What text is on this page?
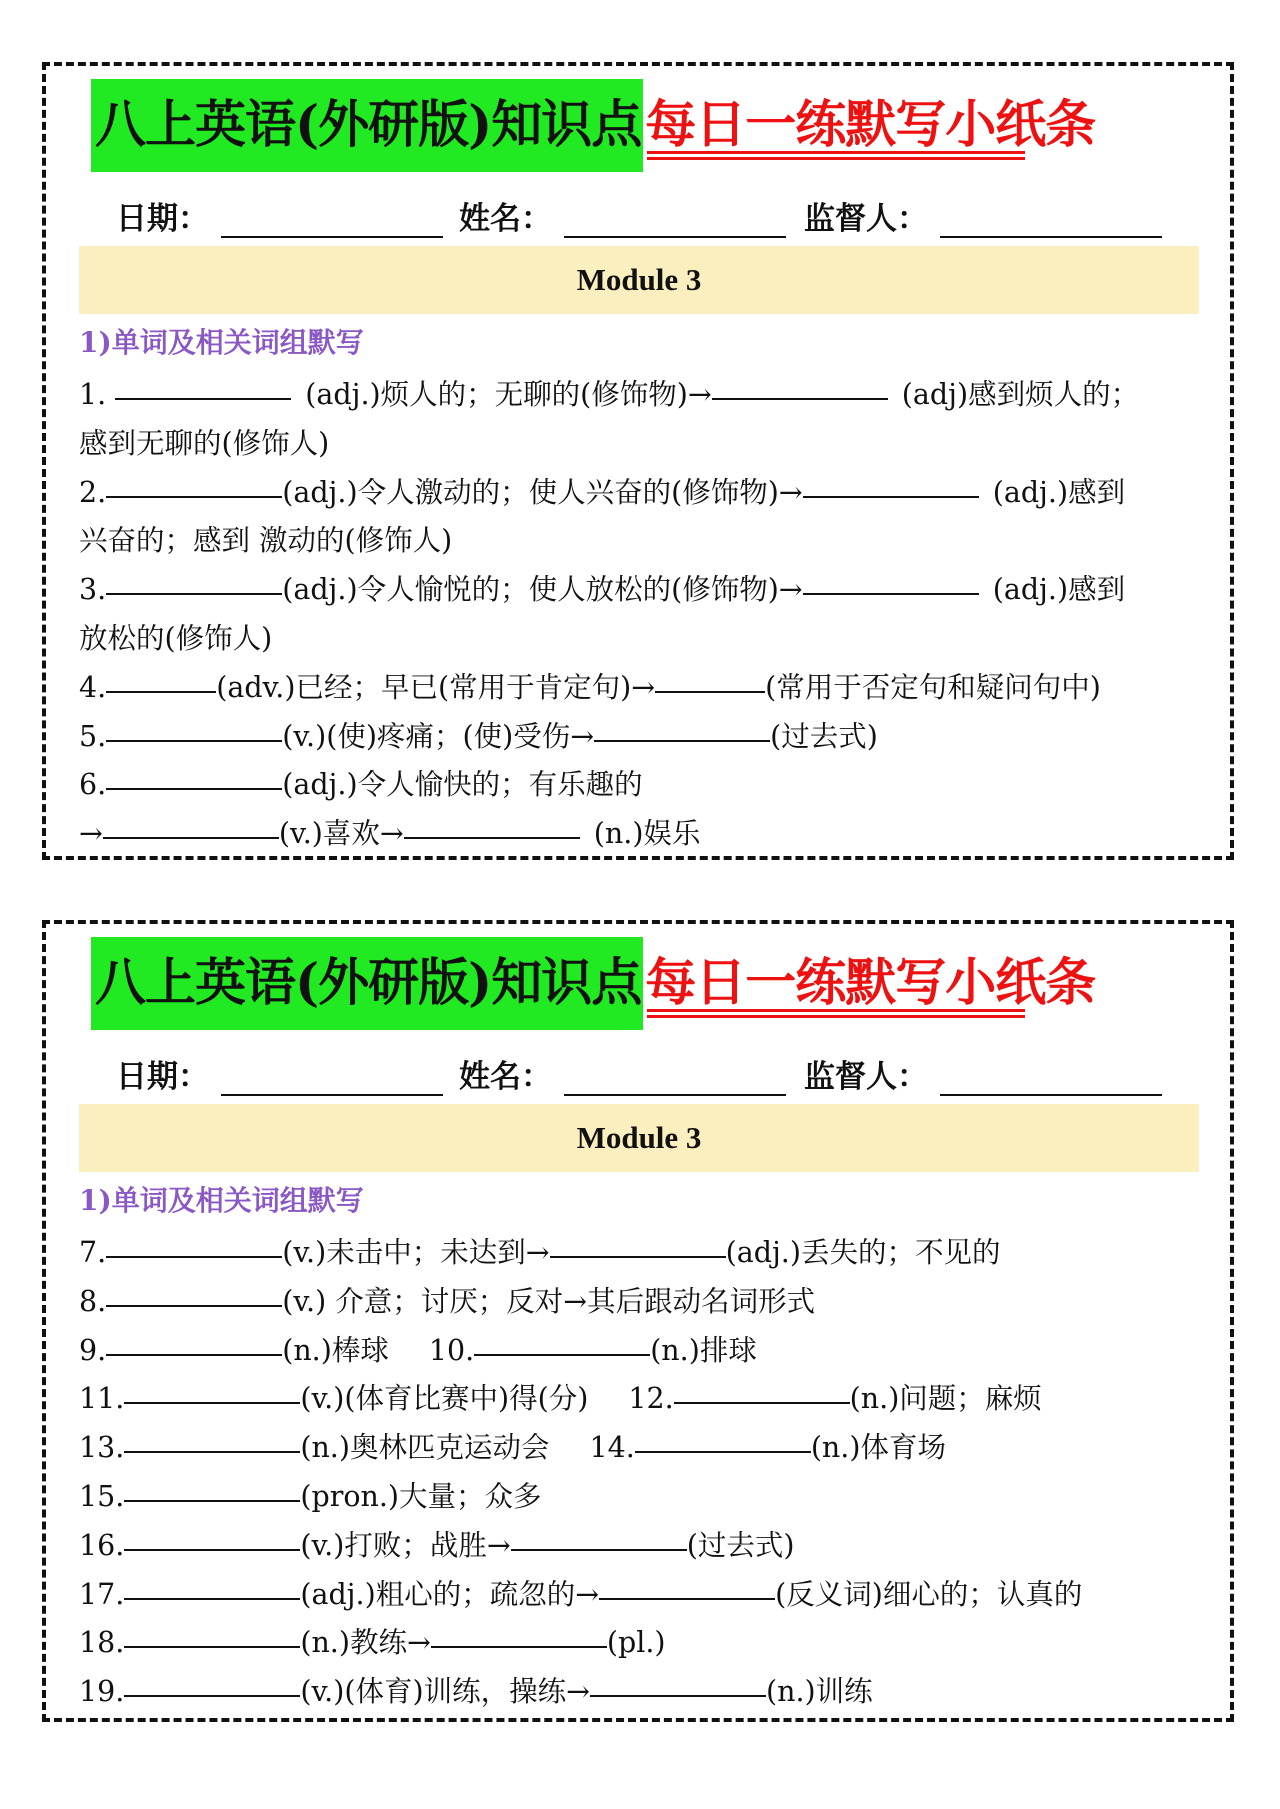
八上英语(外研版)知识点 每日一练默写小纸条
日期：	姓名：	监督人：
Module 3
1)单词及相关词组默写
1.	(adj.)烦人的；无聊的(修饰物)→	(adj)感到烦人的；
感到无聊的(修饰人)
2.	(adj.)令人激动的；使人兴奋的(修饰物)→	(adj.)感到
兴奋的；感到 激动的(修饰人)
3.	(adj.)令人愉悦的；使人放松的(修饰物)→	(adj.)感到
放松的(修饰人)
4.	(adv.)已经；早已(常用于肯定句)→	(常用于否定句和疑问句中)
5.	(v.)(使)疼痛；(使)受伤→	(过去式)
6.	(adj.)令人愉快的；有乐趣的
→	(v.)喜欢→	(n.)娱乐
八上英语(外研版)知识点 每日一练默写小纸条
日期：	姓名：	监督人：
Module 3
1)单词及相关词组默写
7.	(v.)未击中；未达到→	(adj.)丢失的；不见的
8.	(v.) 介意；讨厌；反对→其后跟动名词形式
9.	(n.)棒球 10.	(n.)排球
11.	(v.)(体育比赛中)得(分) 12.	(n.)问题；麻烦
13.	(n.)奥林匹克运动会 14.	(n.)体育场
15.	(pron.)大量；众多
16.	(v.)打败；战胜→	(过去式)
17.	(adj.)粗心的；疏忽的→	(反义词)细心的；认真的
18.	(n.)教练→	(pl.)
19.	(v.)(体育)训练，操练→	(n.)训练
